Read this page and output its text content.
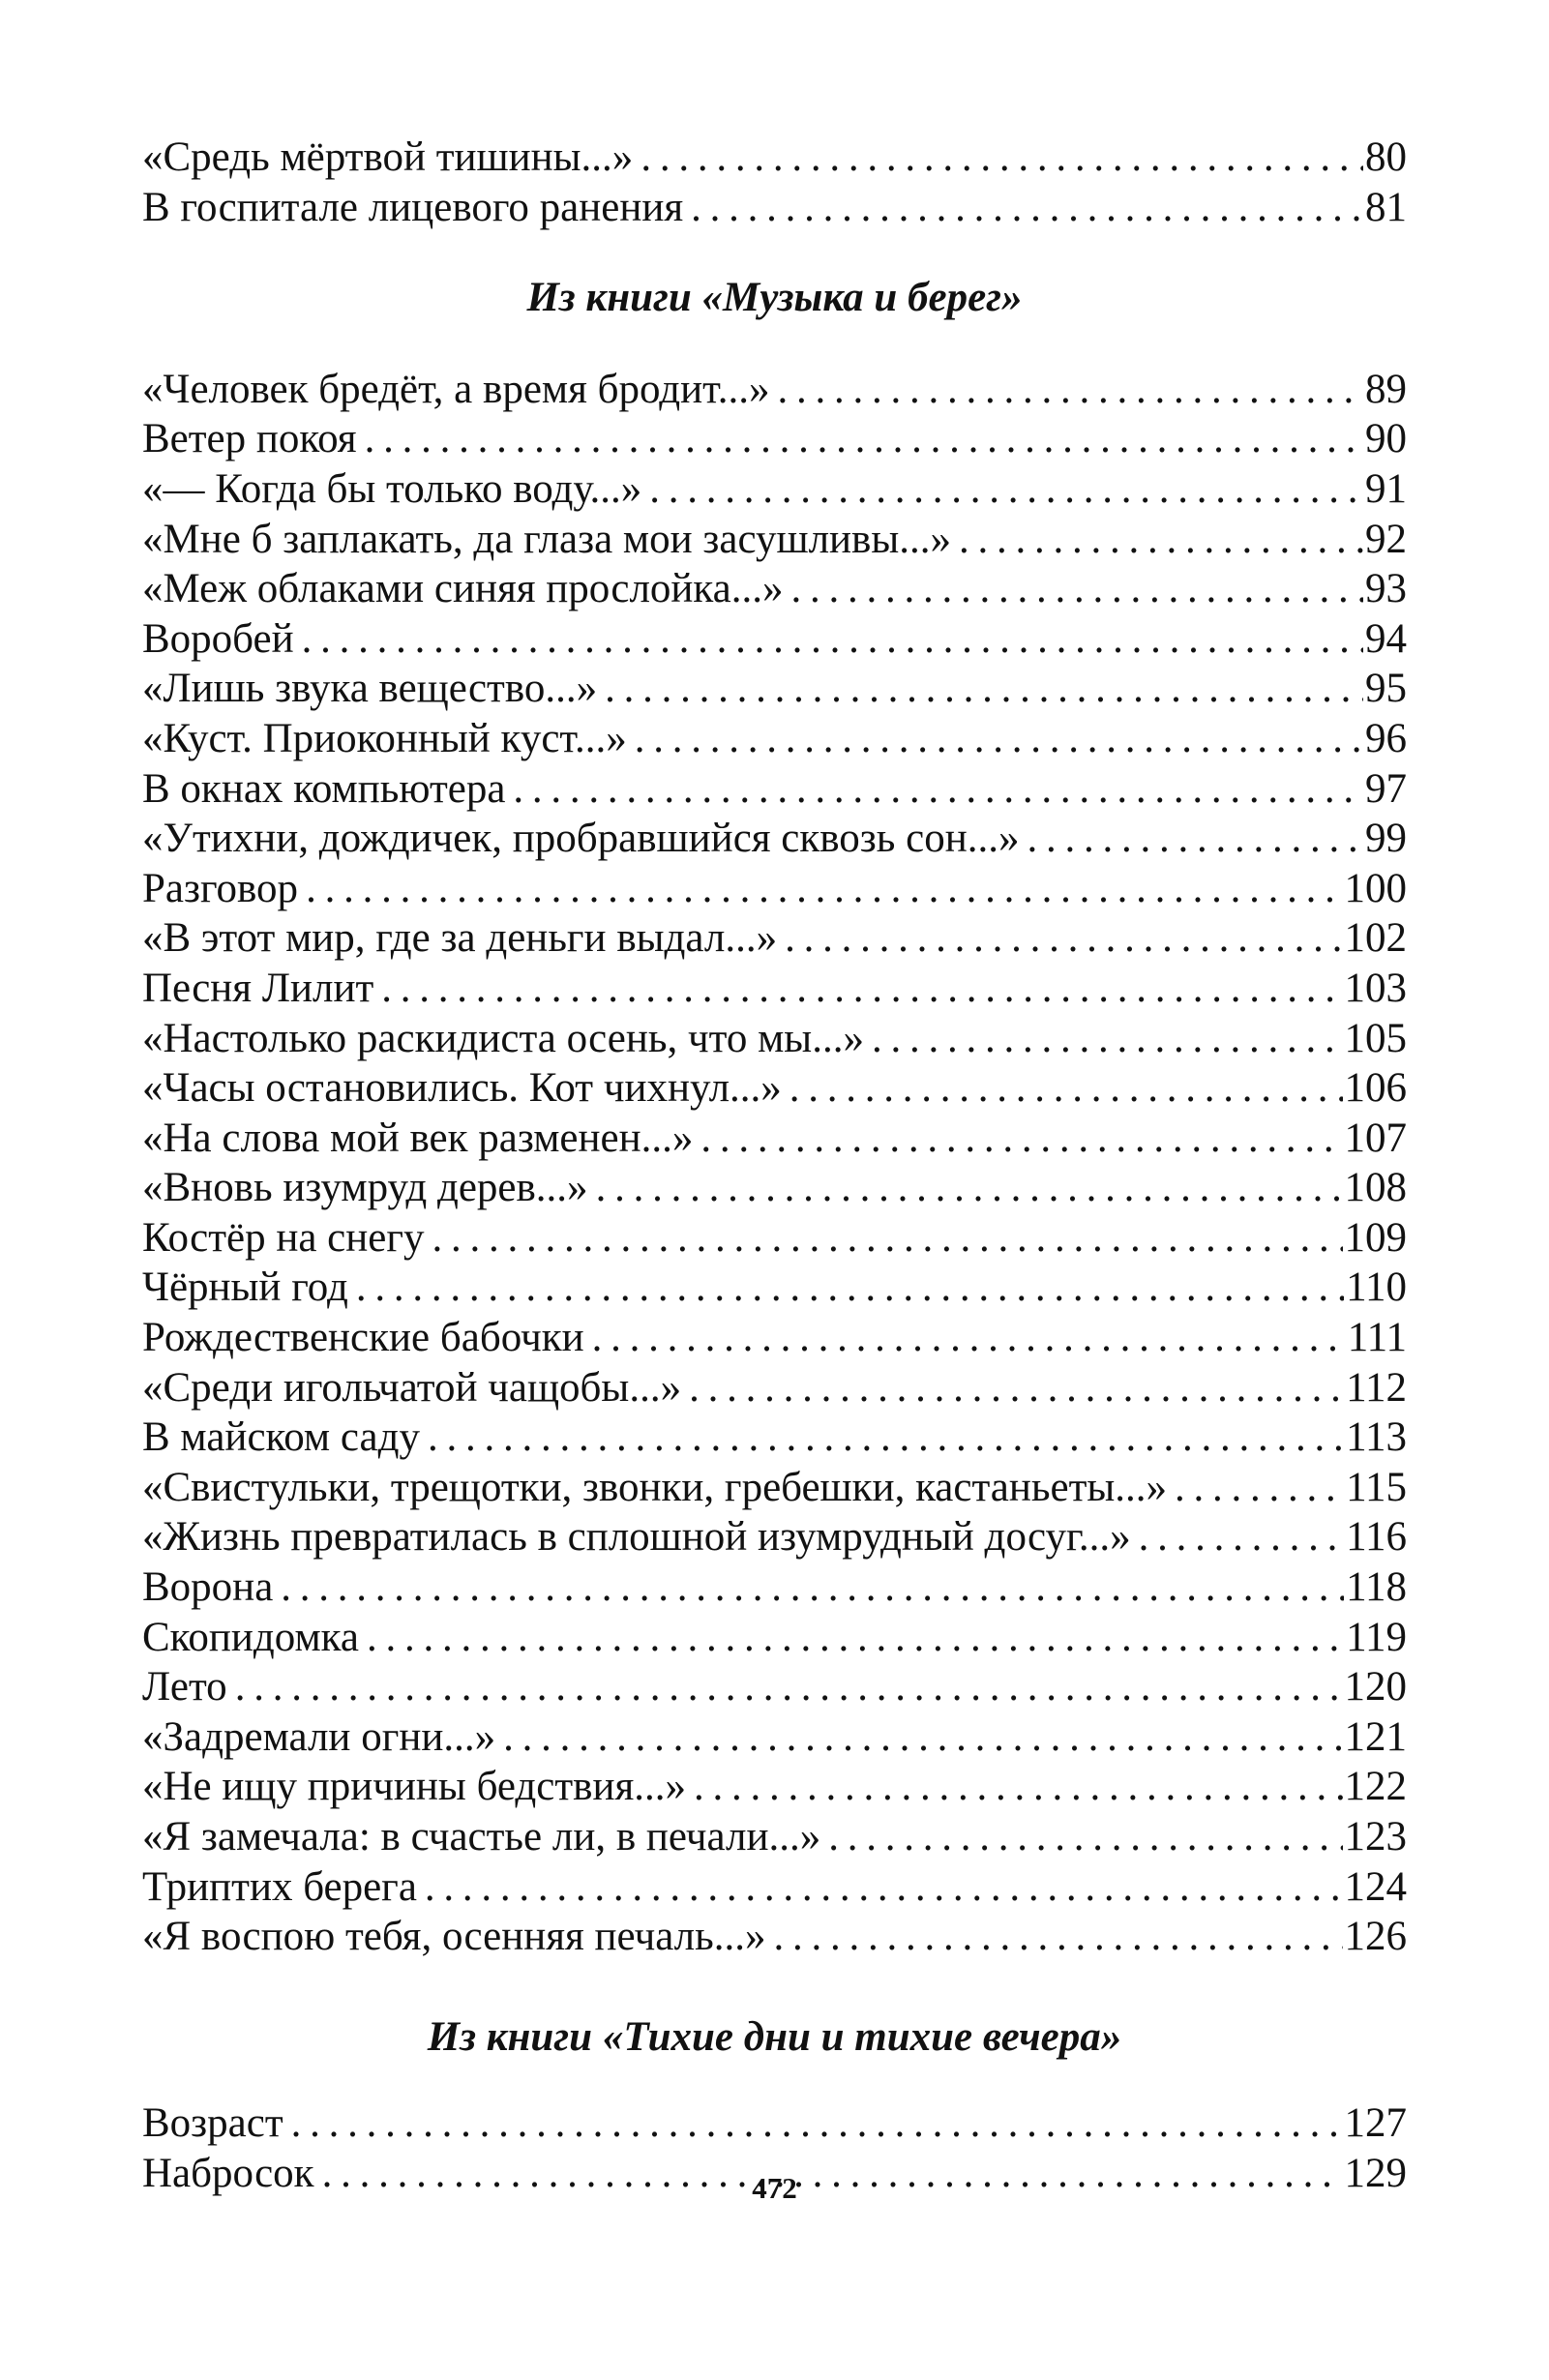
«Средь мёртвой тишины...» . . .	80
В госпитале лицевого ранения . . .	81
Из книги «Музыка и берег»
«Человек бредёт, а время бродит...» . . .	89
Ветер покоя . . .	90
«— Когда бы только воду...» . . .	91
«Мне б заплакать, да глаза мои засушливы...» . . .	92
«Меж облаками синяя прослойка...» . . .	93
Воробей . . .	94
«Лишь звука вещество...» . . .	95
«Куст. Приоконный куст...» . . .	96
В окнах компьютера . . .	97
«Утихни, дождичек, пробравшийся сквозь сон...» . . .	99
Разговор . . .	100
«В этот мир, где за деньги выдал...» . . .	102
Песня Лилит . . .	103
«Настолько раскидиста осень, что мы...» . . .	105
«Часы остановились. Кот чихнул...» . . .	106
«На слова мой век разменен...» . . .	107
«Вновь изумруд дерев...» . . .	108
Костёр на снегу . . .	109
Чёрный год . . .	110
Рождественские бабочки . . .	111
«Среди игольчатой чащобы...» . . .	112
В майском саду . . .	113
«Свистульки, трещотки, звонки, гребешки, кастаньеты...» . . .	115
«Жизнь превратилась в сплошной изумрудный досуг...» . . .	116
Ворона . . .	118
Скопидомка . . .	119
Лето . . .	120
«Задремали огни...» . . .	121
«Не ищу причины бедствия...» . . .	122
«Я замечала: в счастье ли, в печали...» . . .	123
Триптих берега . . .	124
«Я воспою тебя, осенняя печаль...» . . .	126
Из книги «Тихие дни и тихие вечера»
Возраст . . .	127
Набросок . . .	129
472
